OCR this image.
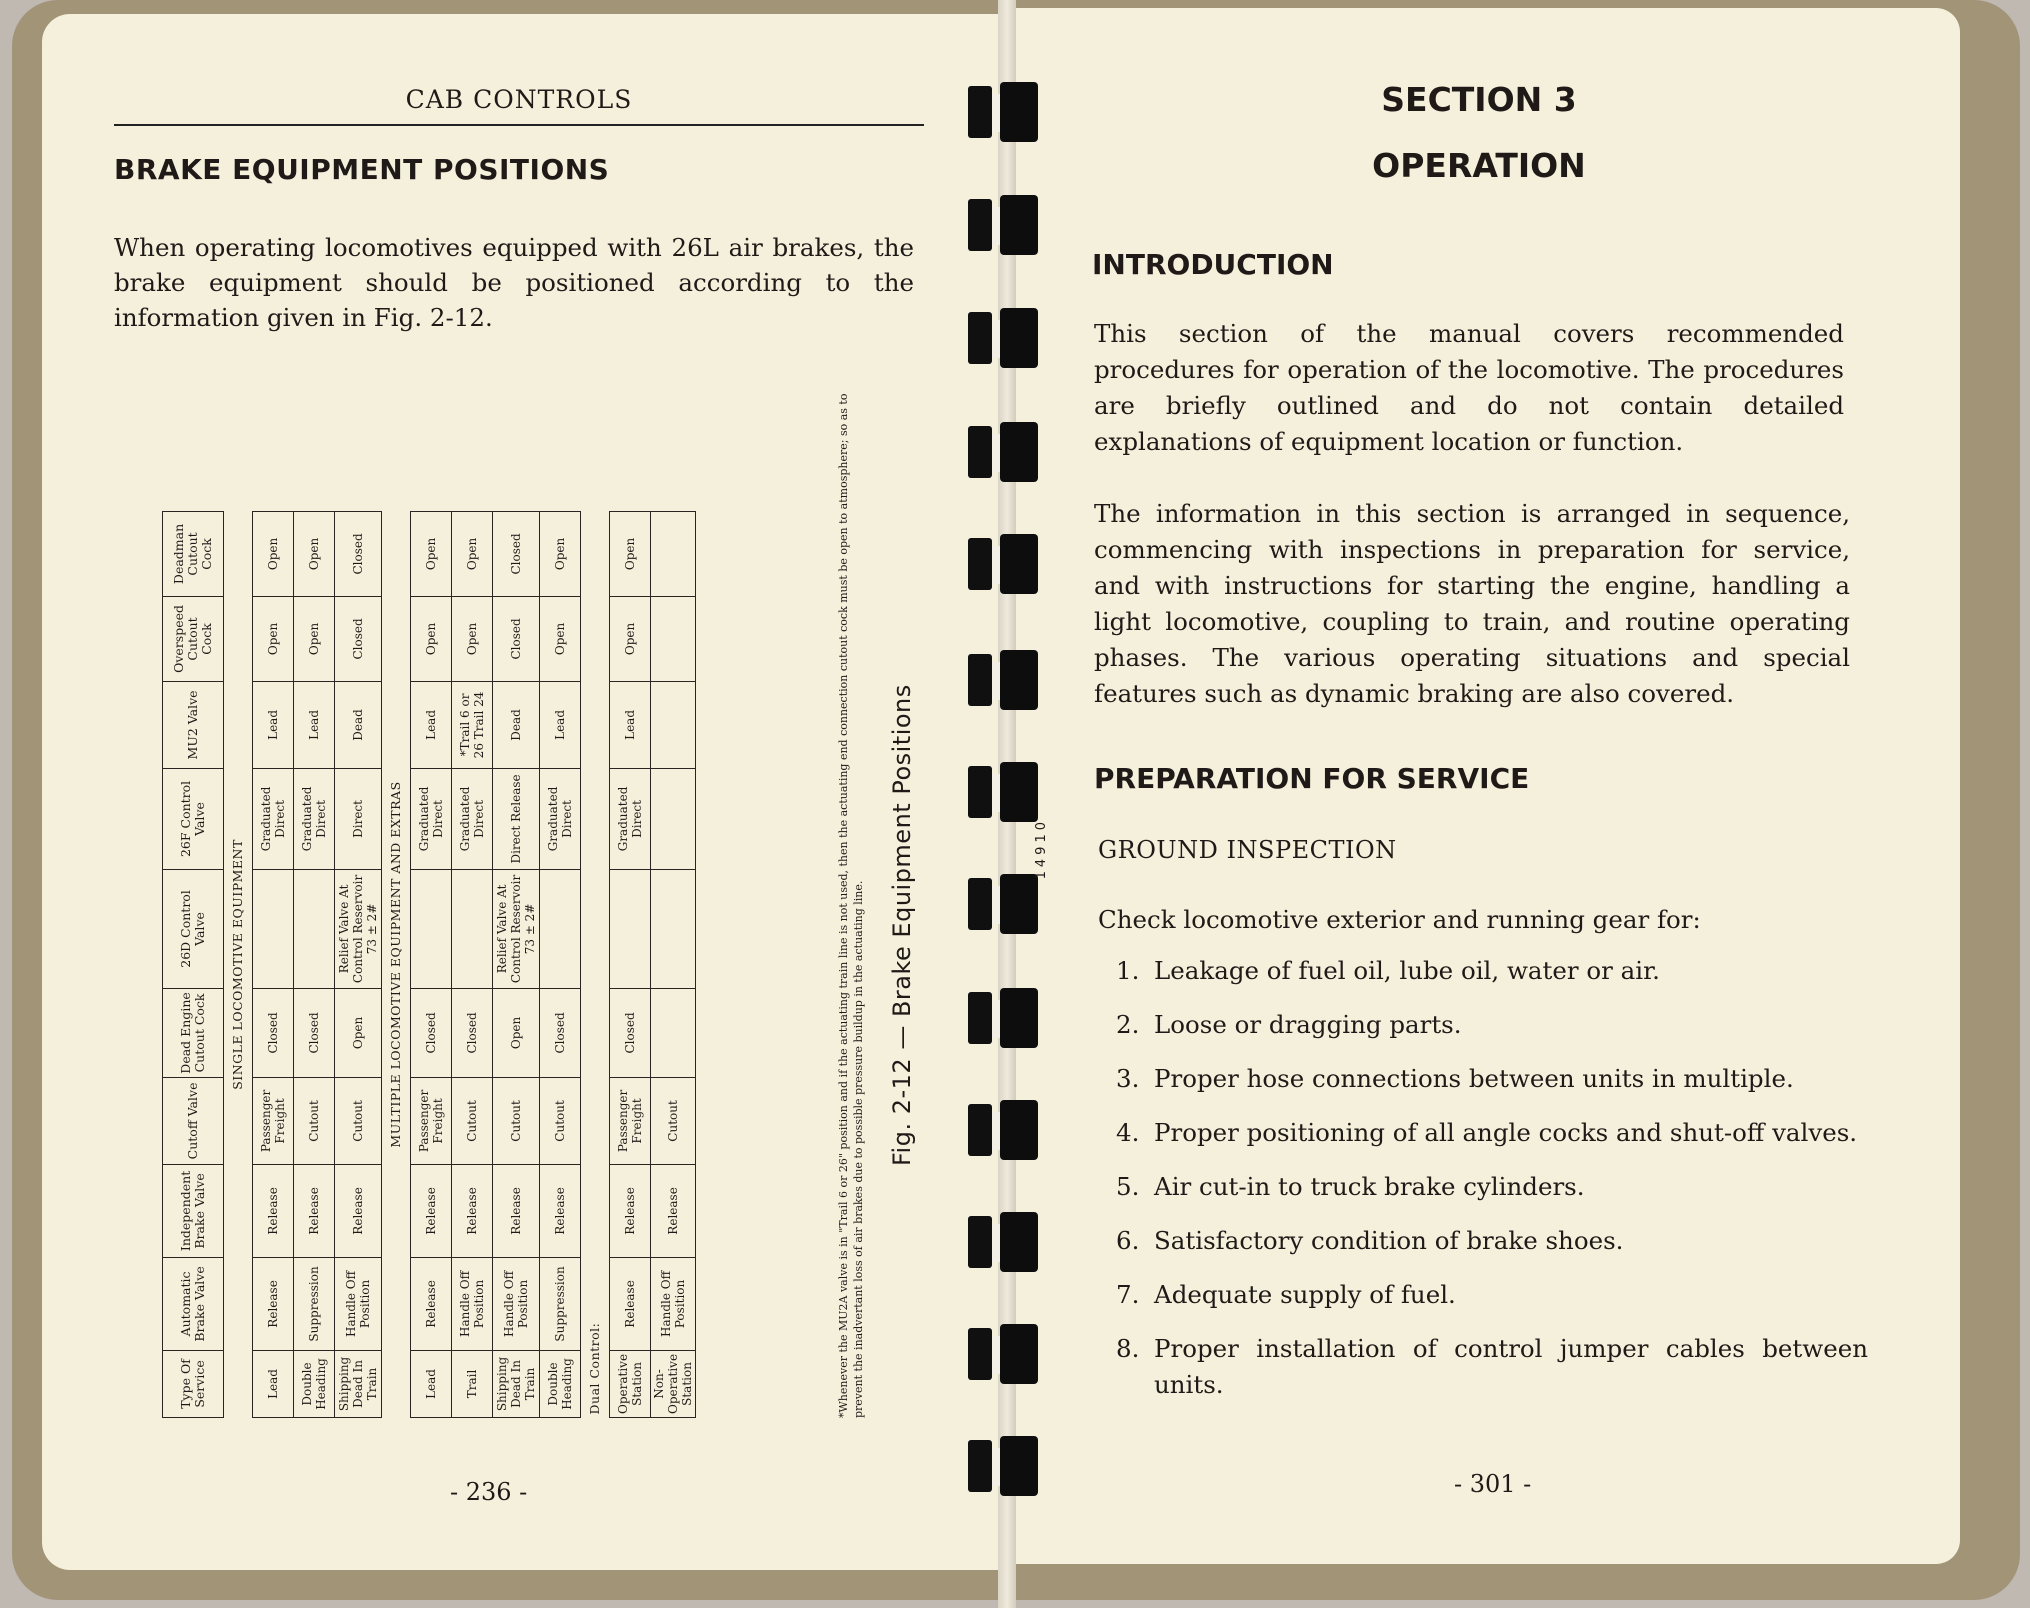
CAB CONTROLS
BRAKE EQUIPMENT POSITIONS
When operating locomotives equipped with 26L air brakes, the brake equipment should be positioned according to the information given in Fig. 2-12.
Type Of Service	Automatic Brake Valve	Independent Brake Valve	Cutoff Valve	Dead Engine Cutout Cock	26D Control Valve	26F Control Valve	MU2 Valve	Overspeed Cutout Cock	Deadman Cutout Cock
SINGLE LOCOMOTIVE EQUIPMENT									
Lead	Release	Release	Passenger Freight	Closed		Graduated Direct	Lead	Open	Open
Double Heading	Suppression	Release	Cutout	Closed		Graduated Direct	Lead	Open	Open
Shipping Dead In Train	Handle Off Position	Release	Cutout	Open	Relief Valve At Control Reservoir 73 ± 2#	Direct	Dead	Closed	Closed
MULTIPLE LOCOMOTIVE EQUIPMENT AND EXTRAS									
Lead	Release	Release	Passenger Freight	Closed		Graduated Direct	Lead	Open	Open
Trail	Handle Off Position	Release	Cutout	Closed		Graduated Direct	*Trail 6 or 26 Trail 24	Open	Open
Shipping Dead In Train	Handle Off Position	Release	Cutout	Open	Relief Valve At Control Reservoir 73 ± 2#	Direct Release	Dead	Closed	Closed
Double Heading	Suppression	Release	Cutout	Closed		Graduated Direct	Lead	Open	Open
Dual Control:									
Operative Station	Release	Release	Passenger Freight	Closed		Graduated Direct	Lead	Open	Open
Non-Operative Station	Handle Off Position	Release	Cutout							*Whenever the MU2A valve is in "Trail 6 or 26" position and if the actuating train line is not used, then the actuating end connection cutout cock must be open to atmosphere; so as to prevent the inadvertant loss of air brakes due to possible pressure buildup in the actuating line.
14910
Fig. 2-12 — Brake Equipment Positions
- 236 -
SECTION 3
OPERATION
INTRODUCTION
This section of the manual covers recommended procedures for operation of the locomotive. The procedures are briefly outlined and do not contain detailed explanations of equipment location or function.
The information in this section is arranged in sequence, commencing with inspections in preparation for service, and with instructions for starting the engine, handling a light locomotive, coupling to train, and routine operating phases. The various operating situations and special features such as dynamic braking are also covered.
PREPARATION FOR SERVICE
GROUND INSPECTION
Check locomotive exterior and running gear for:
1. Leakage of fuel oil, lube oil, water or air.
2. Loose or dragging parts.
3. Proper hose connections between units in multiple.
4. Proper positioning of all angle cocks and shut-off valves.
5. Air cut-in to truck brake cylinders.
6. Satisfactory condition of brake shoes.
7. Adequate supply of fuel.
8. Proper installation of control jumper cables between units.
- 301 -
